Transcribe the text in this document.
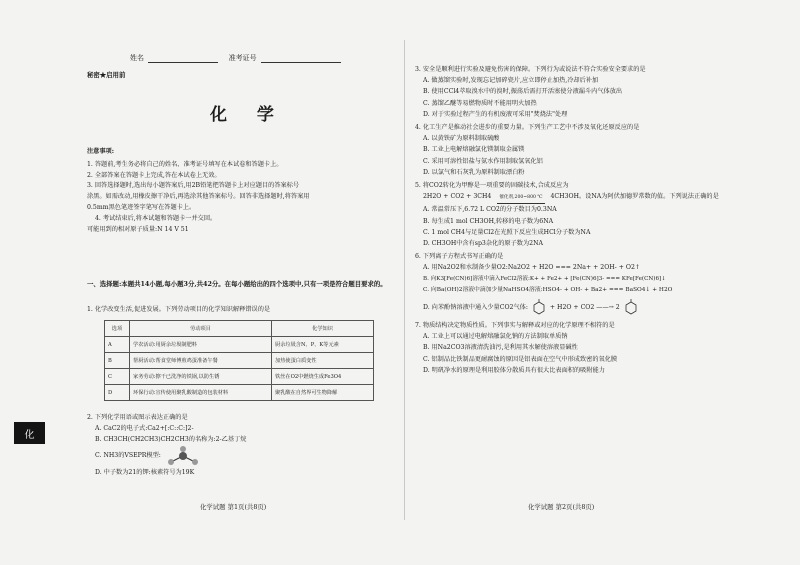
姓名	准考证号
秘密★启用前
化 学

注意事项:

1. 答题前,考生务必将自己的姓名、准考证号填写在本试卷和答题卡上。

2. 全部答案在答题卡上完成,答在本试卷上无效。

3. 回答选择题时,选出每小题答案后,用2B铅笔把答题卡上对应题目的答案标号

涂黑。如需改动,用橡皮擦干净后,再选涂其他答案标号。回答非选择题时,将答案用

0.5mm黑色笔迹签字笔写在答题卡上。

4. 考试结束后,将本试题和答题卡一并交回。

可能用到的相对原子质量:N 14 V 51

一、选择题:本题共14小题,每小题3分,共42分。在每小题给出的四个选项中,只有一项是符合题目要求的。

1. 化学改变生活,促进发展。下列劳动项目的化学知识解释错误的是

选项	劳动项目	化学知识
A	学农活动:用厨余垃圾制肥料	厨余垃圾含N、P、K等元素
B	帮厨活动:帮食堂师傅煎鸡蛋准备午餐	加热使蛋白质变性
C	家务劳动:擦干已洗净的铁锅,以防生锈	铁丝在O2中燃烧生成Fe3O4
D	环保行动:宣传使用聚乳酸制造的包装材料	聚乳酸在自然界可生物降解

2. 下列化学用语或图示表达正确的是

A. CaC2的电子式:Ca2+[:C::C:]2-

B. CH3CH(CH2CH3)CH2CH3的名称为:2-乙基丁烷

C. NH3的VSEPR模型:

D. 中子数为21的钾:核素符号为19K

化学试题 第1页(共8页)	化学试题 第2页(共8页)

3. 安全是顺利进行实验及避免伤害的保障。下列行为或说法不符合实验安全要求的是

A. 做蒸馏实验时,发现忘记加碎瓷片,应立即停止加热,冷却后补加

B. 使用CCl4萃取溴水中的溴时,振荡后需打开活塞使分液漏斗内气体放出

C. 蒸馏乙醚等易燃物质时不能用明火加热

D. 对于实验过程产生的有机废液可采用"焚烧法"处理

4. 化工生产是推动社会进步的重要力量。下列生产工艺中不涉及氧化还原反应的是

A. 以黄铁矿为原料制取硫酸

B. 工业上电解熔融氯化镁制取金属镁

C. 采用可溶性铝盐与氨水作用制取氢氧化铝

D. 以氯气和石灰乳为原料制取漂白粉

5. 将CO2转化为甲醇是一项重要的固碳技术,合成反应为

2H2O + CO2 + 3CH4 催化剂,200~800 ℃ 4CH3OH。设NA为阿伏加德罗常数的值。下列说法正确的是

A. 常温常压下,6.72 L CO2的分子数目为0.3NA

B. 每生成1 mol CH3OH,转移的电子数为6NA

C. 1 mol CH4与足量Cl2在光照下反应生成HCl分子数为NA

D. CH3OH中含有sp3杂化的原子数为2NA

6. 下列离子方程式书写正确的是

A. 用Na2O2和水制备少量O2:Na2O2 + H2O === 2Na+ + 2OH- + O2↑

B. 向K3[Fe(CN)6]溶液中滴入FeCl2溶液:K+ + Fe2+ + [Fe(CN)6]3- === KFe[Fe(CN)6]↓

C. 向Ba(OH)2溶液中滴加少量NaHSO4溶液:HSO4- + OH- + Ba2+ === BaSO4↓ + H2O

D. 向苯酚钠溶液中通入少量CO2气体:	+ H2O + CO2 ——→ 2

7. 物质结构决定物质性质。下列事实与解释或对应的化学原理不相符的是

A. 工业上可以通过电解熔融氯化钠的方法制取单质钠

B. 用Na2CO3溶液清洗油污,是利用其水解使溶液显碱性

C. 铝制品比铁制品更耐腐蚀的原因是铝表面在空气中形成致密的氧化膜

D. 明矾净水的原理是利用胶体分散质具有很大比表面积的吸附能力

化
